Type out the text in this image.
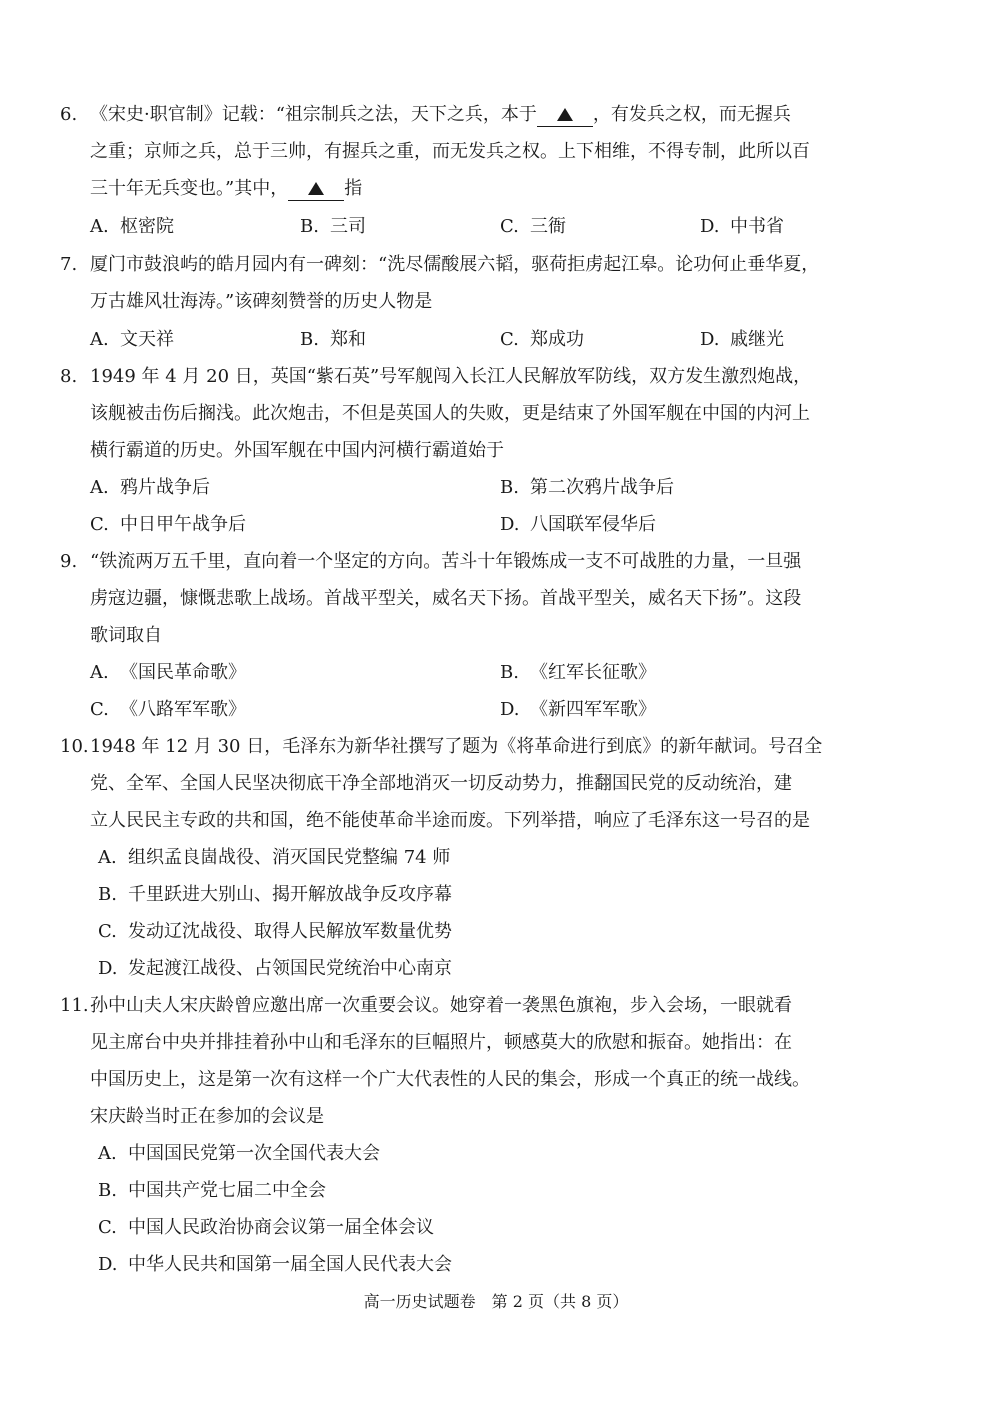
6. 《宋史·职官制》记载：“祖宗制兵之法，天下之兵，本于	，有发兵之权，而无握兵
之重；京师之兵，总于三帅，有握兵之重，而无发兵之权。上下相维，不得专制，此所以百
三十年无兵变也。”其中，	指
A. 枢密院	B. 三司	C. 三衙	D. 中书省
7. 厦门市鼓浪屿的皓月园内有一碑刻：“洗尽儒酸展六韬，驱荷拒虏起江皋。论功何止垂华夏，
万古雄风壮海涛。”该碑刻赞誉的历史人物是
A. 文天祥	B. 郑和	C. 郑成功	D. 戚继光
8. 1949 年 4 月 20 日，英国“紫石英”号军舰闯入长江人民解放军防线，双方发生激烈炮战，
该舰被击伤后搁浅。此次炮击，不但是英国人的失败，更是结束了外国军舰在中国的内河上
横行霸道的历史。外国军舰在中国内河横行霸道始于
A. 鸦片战争后	B. 第二次鸦片战争后
C. 中日甲午战争后	D. 八国联军侵华后
9. “铁流两万五千里，直向着一个坚定的方向。苦斗十年锻炼成一支不可战胜的力量，一旦强
虏寇边疆，慷慨悲歌上战场。首战平型关，威名天下扬。首战平型关，威名天下扬”。这段
歌词取自
A. 《国民革命歌》	B. 《红军长征歌》
C. 《八路军军歌》	D. 《新四军军歌》
10.1948 年 12 月 30 日，毛泽东为新华社撰写了题为《将革命进行到底》的新年献词。号召全
党、全军、全国人民坚决彻底干净全部地消灭一切反动势力，推翻国民党的反动统治，建
立人民民主专政的共和国，绝不能使革命半途而废。下列举措，响应了毛泽东这一号召的是
A. 组织孟良崮战役、消灭国民党整编 74 师
B. 千里跃进大别山、揭开解放战争反攻序幕
C. 发动辽沈战役、取得人民解放军数量优势
D. 发起渡江战役、占领国民党统治中心南京
11.孙中山夫人宋庆龄曾应邀出席一次重要会议。她穿着一袭黑色旗袍，步入会场，一眼就看
见主席台中央并排挂着孙中山和毛泽东的巨幅照片，顿感莫大的欣慰和振奋。她指出：在
中国历史上，这是第一次有这样一个广大代表性的人民的集会，形成一个真正的统一战线。
宋庆龄当时正在参加的会议是
A. 中国国民党第一次全国代表大会
B. 中国共产党七届二中全会
C. 中国人民政治协商会议第一届全体会议
D. 中华人民共和国第一届全国人民代表大会
高一历史试题卷　第 2 页（共 8 页）
